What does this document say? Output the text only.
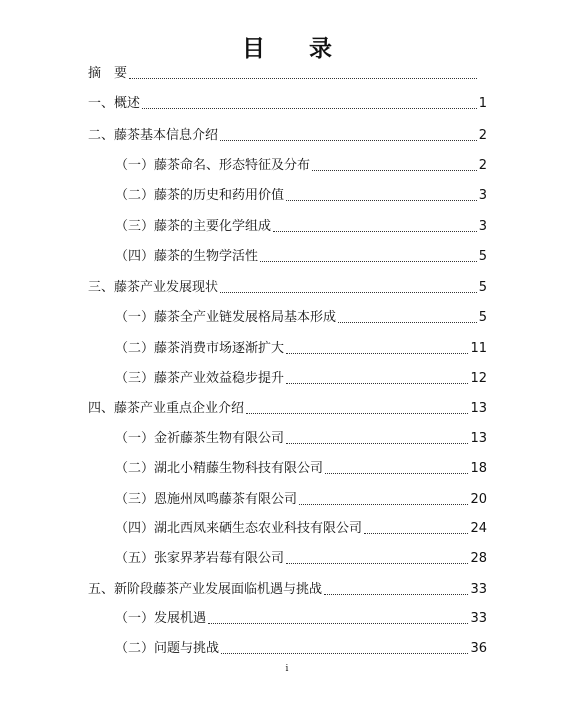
目 录
摘　要
一、概述	1
二、藤茶基本信息介绍	2
（一）藤茶命名、形态特征及分布	2
（二）藤茶的历史和药用价值	3
（三）藤茶的主要化学组成	3
（四）藤茶的生物学活性	5
三、藤茶产业发展现状	5
（一）藤茶全产业链发展格局基本形成	5
（二）藤茶消费市场逐渐扩大	11
（三）藤茶产业效益稳步提升	12
四、藤茶产业重点企业介绍	13
（一）金祈藤茶生物有限公司	13
（二）湖北小精藤生物科技有限公司	18
（三）恩施州凤鸣藤茶有限公司	20
（四）湖北西凤来硒生态农业科技有限公司	24
（五）张家界茅岩莓有限公司	28
五、新阶段藤茶产业发展面临机遇与挑战	33
（一）发展机遇	33
（二）问题与挑战	36
i
